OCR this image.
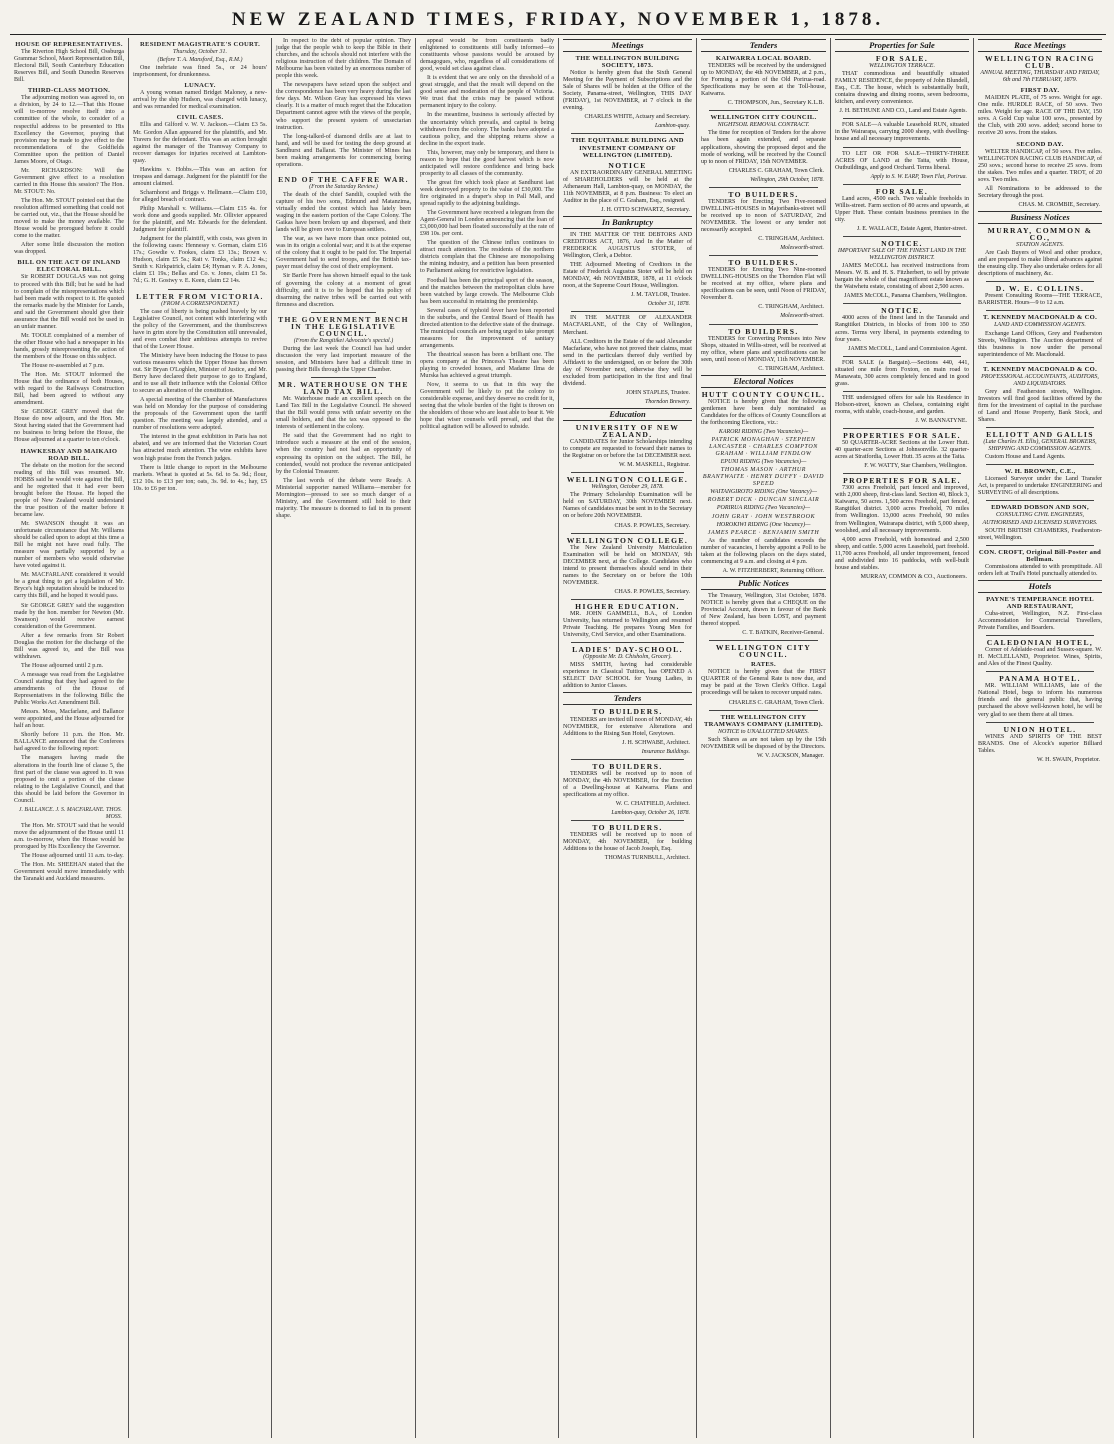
NEW ZEALAND TIMES, FRIDAY, NOVEMBER 1, 1878.
HOUSE OF REPRESENTATIVES.
The Riverton High School Bill, Ossburga Grammar School, Maori Representation Bill, Electoral Bill, South Canterbury Education Reserves Bill, and South Dunedin Reserves Bill.
THIRD-CLASS MOTION.
The adjourning motion was agreed to, on a division, by 24 to 12.—That this House will to-morrow resolve itself into a committee of the whole, to consider of a respectful address to be presented to His Excellency the Governor, praying that provision may be made to give effect to the recommendations of the Goldfields Committee upon the petition of Daniel James Moore, of Otago.
Mr. RICHARDSON: Will the Government give effect to a resolution carried in this House this session? The Hon. Mr. STOUT: No.
The Hon. Mr. STOUT pointed out that the resolution affirmed something that could not be carried out, viz., that the House should be moved to make the money available. The House would be prorogued before it could come to the matter.
After some little discussion the motion was dropped.
BILL ON THE ACT OF INLAND ELECTORAL BILL.
Sir ROBERT DOUGLAS was not going to proceed with this Bill; but he said he had to complain of the misrepresentations which had been made with respect to it. He quoted the remarks made by the Minister for Lands, and said the Government should give their assurance that the Bill would not be used in an unfair manner.
Mr. TOOLE complained of a member of the other House who had a newspaper in his hands, grossly misrepresenting the action of the members of the House on this subject.
The House re-assembled at 7 p.m.
The Hon. Mr. STOUT informed the House that the ordinance of both Houses, with regard to the Railways Construction Bill, had been agreed to without any amendment.
Sir GEORGE GREY moved that the House do now adjourn, and the Hon. Mr. Stout having stated that the Government had no business to bring before the House, the House adjourned at a quarter to ten o'clock.
HAWKESBAY AND MAIKAIO ROAD BILL.
The debate on the motion for the second reading of this Bill was resumed. Mr. HOBBS said he would vote against the Bill, and he regretted that it had ever been brought before the House. He hoped the people of New Zealand would understand the true position of the matter before it became law.
Mr. SWANSON thought it was an unfortunate circumstance that Mr. Williams should be called upon to adopt at this time a Bill he might not have read fully. The measure was partially supported by a number of members who would otherwise have voted against it.
Mr. MACFARLANE considered it would be a great thing to get a legislation of Mr. Bryce's high reputation should be induced to carry this Bill, and he hoped it would pass.
Sir GEORGE GREY said the suggestion made by the hon. member for Newton (Mr. Swanson) would receive earnest consideration of the Government.
After a few remarks from Sir Robert Douglas the motion for the discharge of the Bill was agreed to, and the Bill was withdrawn.
The House adjourned until 2 p.m.
A message was read from the Legislative Council stating that they had agreed to the amendments of the House of Representatives in the following Bills: the Public Works Act Amendment Bill.
Messrs. Moss, Macfarlane, and Ballance were appointed, and the House adjourned for half an hour.
Shortly before 11 p.m. the Hon. Mr. BALLANCE announced that the Conferees had agreed to the following report:
The managers having made the alterations in the fourth line of clause 5, the first part of the clause was agreed to. It was proposed to omit a portion of the clause relating to the Legislative Council, and that this should be laid before the Governor in Council.
J. BALLANCE. J. S. MACFARLANE. THOS. MOSS.
The Hon. Mr. STOUT said that he would move the adjournment of the House until 11 a.m. to-morrow, when the House would be prorogued by His Excellency the Governor.
The House adjourned until 11 a.m. to-day.
The Hon. Mr. SHEEHAN stated that the Government would move immediately with the Taranaki and Auckland measures.
RESIDENT MAGISTRATE'S COURT.
Thursday, October 31.
(Before T. A. Mansford, Esq., R.M.)
One inebriate was fined 5s., or 24 hours' imprisonment, for drunkenness.
LUNACY.
A young woman named Bridget Maloney, a new-arrival by the ship Hudson, was charged with lunacy, and was remanded for medical examination.
CIVIL CASES.
Ellis and Gilford v. W. V. Jackson.—Claim £3 5s. Mr. Gordon Allan appeared for the plaintiffs, and Mr. Travers for the defendant. This was an action brought against the manager of the Tramway Company to recover damages for injuries received at Lambton-quay.
Hawkins v. Hobbs.—This was an action for trespass and damage. Judgment for the plaintiff for the amount claimed.
Scharnhorst and Briggs v. Hellmann.—Claim £10, for alleged breach of contract.
Philip Marshall v. Williams.—Claim £15 4s. for work done and goods supplied. Mr. Ollivier appeared for the plaintiff, and Mr. Edwards for the defendant. Judgment for plaintiff.
Judgment for the plaintiff, with costs, was given in the following cases: Hennessy v. Gorman, claim £16 17s.; Gowdie v. Fookes, claim £3 13s.; Brown v. Hudson, claim £5 5s.; Rait v. Tonks, claim £12 4s.; Smith v. Kirkpatrick, claim £4; Hyman v. P. A. Jones, claim £1 19s.; Bellas and Co. v. Jones, claim £1 5s. 7d.; G. H. Gostwy v. E. Keen, claim £2 14s.
LETTER FROM VICTORIA.
(FROM A CORRESPONDENT.)
The case of liberty is being pushed bravely by our Legislative Council, not content with interfering with the policy of the Government, and the thumbscrews have in grim store by the Constitution still unrevealed, and even combat their ambitious attempts to revive that of the Lower House.
The Ministry have been inducing the House to pass various measures which the Upper House has thrown out. Sir Bryan O'Loghlen, Minister of Justice, and Mr. Berry have declared their purpose to go to England, and to use all their influence with the Colonial Office to secure an alteration of the constitution.
A special meeting of the Chamber of Manufactures was held on Monday for the purpose of considering the proposals of the Government upon the tariff question. The meeting was largely attended, and a number of resolutions were adopted.
The interest in the great exhibition in Paris has not abated, and we are informed that the Victorian Court has attracted much attention. The wine exhibits have won high praise from the French judges.
There is little change to report in the Melbourne markets. Wheat is quoted at 5s. 6d. to 5s. 9d.; flour, £12 10s. to £13 per ton; oats, 3s. 9d. to 4s.; hay, £5 10s. to £6 per ton.
In respect to the debt of popular opinion. They judge that the people wish to keep the Bible in their churches, and the schools should not interfere with the religious instruction of their children. The Domain of Melbourne has been visited by an enormous number of people this week.
The newspapers have seized upon the subject and the correspondence has been very heavy during the last few days. Mr. Wilson Gray has expressed his views clearly. It is a matter of much regret that the Education Department cannot agree with the views of the people, who support the present system of unsectarian instruction.
The long-talked-of diamond drills are at last to hand, and will be used for testing the deep ground at Sandhurst and Ballarat. The Minister of Mines has been making arrangements for commencing boring operations.
END OF THE CAFFRE WAR.
(From the Saturday Review.)
The death of the chief Sandili, coupled with the capture of his two sons, Edmund and Matanzima, virtually ended the contest which has lately been waging in the eastern portion of the Cape Colony. The Gaikas have been broken up and dispersed, and their lands will be given over to European settlers.
The war, as we have more than once pointed out, was in its origin a colonial war; and it is at the expense of the colony that it ought to be paid for. The Imperial Government had to send troops, and the British tax-payer must defray the cost of their employment.
Sir Bartle Frere has shown himself equal to the task of governing the colony at a moment of great difficulty, and it is to be hoped that his policy of disarming the native tribes will be carried out with firmness and discretion.
THE GOVERNMENT BENCH IN THE LEGISLATIVE COUNCIL.
(From the Rangitikei Advocate's special.)
During the last week the Council has had under discussion the very last important measure of the session, and Ministers have had a difficult time in passing their Bills through the Upper Chamber.
MR. WATERHOUSE ON THE LAND TAX BILL.
Mr. Waterhouse made an excellent speech on the Land Tax Bill in the Legislative Council. He showed that the Bill would press with unfair severity on the small holders, and that the tax was opposed to the interests of settlement in the colony.
He said that the Government had no right to introduce such a measure at the end of the session, when the country had not had an opportunity of expressing its opinion on the subject. The Bill, he contended, would not produce the revenue anticipated by the Colonial Treasurer.
The last words of the debate were Ready. A Ministerial supporter named Williams—member for Mornington—pressed to see so much danger of a Ministry, and the Government still hold to their majority. The measure is doomed to fail in its present shape.
appeal would be from constituents badly enlightened to constituents still badly informed—to constituents whose passions would be aroused by demagogues, who, regardless of all considerations of good, would set class against class.
It is evident that we are only on the threshold of a great struggle, and that the result will depend on the good sense and moderation of the people of Victoria. We trust that the crisis may be passed without permanent injury to the colony.
In the meantime, business is seriously affected by the uncertainty which prevails, and capital is being withdrawn from the colony. The banks have adopted a cautious policy, and the shipping returns show a decline in the export trade.
This, however, may only be temporary, and there is reason to hope that the good harvest which is now anticipated will restore confidence and bring back prosperity to all classes of the community.
The great fire which took place at Sandhurst last week destroyed property to the value of £30,000. The fire originated in a draper's shop in Pall Mall, and spread rapidly to the adjoining buildings.
The Government have received a telegram from the Agent-General in London announcing that the loan of £3,000,000 had been floated successfully at the rate of £98 10s. per cent.
The question of the Chinese influx continues to attract much attention. The residents of the northern districts complain that the Chinese are monopolising the mining industry, and a petition has been presented to Parliament asking for restrictive legislation.
Football has been the principal sport of the season, and the matches between the metropolitan clubs have been watched by large crowds. The Melbourne Club has been successful in retaining the premiership.
Several cases of typhoid fever have been reported in the suburbs, and the Central Board of Health has directed attention to the defective state of the drainage. The municipal councils are being urged to take prompt measures for the improvement of sanitary arrangements.
The theatrical season has been a brilliant one. The opera company at the Princess's Theatre has been playing to crowded houses, and Madame Ilma de Murska has achieved a great triumph.
Now, it seems to us that in this way the Government will be likely to put the colony to considerable expense, and they deserve no credit for it, seeing that the whole burden of the fight is thrown on the shoulders of those who are least able to bear it. We hope that wiser counsels will prevail, and that the political agitation will be allowed to subside.
Meetings
THE WELLINGTON BUILDING SOCIETY, 1873.
Notice is hereby given that the Sixth General Meeting for the Payment of Subscriptions and the Sale of Shares will be holden at the Office of the Society, Panama-street, Wellington, THIS DAY (FRIDAY), 1st NOVEMBER, at 7 o'clock in the evening.
CHARLES WHITE, Actuary and Secretary.
Lambton-quay.
THE EQUITABLE BUILDING AND INVESTMENT COMPANY OF WELLINGTON (LIMITED).
NOTICE
AN EXTRAORDINARY GENERAL MEETING of SHAREHOLDERS will be held at the Athenaeum Hall, Lambton-quay, on MONDAY, the 11th NOVEMBER, at 8 p.m. Business: To elect an Auditor in the place of C. Graham, Esq., resigned.
J. H. OTTO SCHWARTZ, Secretary.
In Bankruptcy
IN THE MATTER OF THE DEBTORS AND CREDITORS ACT, 1876, And In the Matter of FREDERICK AUGUSTUS STOTER, of Wellington, Clerk, a Debtor.
THE Adjourned Meeting of Creditors in the Estate of Frederick Augustus Stoter will be held on MONDAY, 4th NOVEMBER, 1878, at 11 o'clock noon, at the Supreme Court House, Wellington.
J. M. TAYLOR, Trustee.
October 31, 1878.
IN THE MATTER OF ALEXANDER MACFARLANE, of the City of Wellington, Merchant.
ALL Creditors in the Estate of the said Alexander Macfarlane, who have not proved their claims, must send in the particulars thereof duly verified by Affidavit to the undersigned, on or before the 30th day of November next, otherwise they will be excluded from participation in the first and final dividend.
JOHN STAPLES, Trustee.
Thorndon Brewery.
Education
UNIVERSITY OF NEW ZEALAND.
CANDIDATES for Junior Scholarships intending to compete are requested to forward their names to the Registrar on or before the 1st DECEMBER next.
W. M. MASKELL, Registrar.
WELLINGTON COLLEGE.
Wellington, October 29, 1878.
The Primary Scholarship Examination will be held on SATURDAY, 30th NOVEMBER next. Names of candidates must be sent in to the Secretary on or before 20th NOVEMBER.
CHAS. P. POWLES, Secretary.
WELLINGTON COLLEGE.
The New Zealand University Matriculation Examination will be held on MONDAY, 9th DECEMBER next, at the College. Candidates who intend to present themselves should send in their names to the Secretary on or before the 10th NOVEMBER.
CHAS. P. POWLES, Secretary.
HIGHER EDUCATION.
MR. JOHN GAMMELL, B.A., of London University, has returned to Wellington and resumed Private Teaching. He prepares Young Men for University, Civil Service, and other Examinations.
LADIES' DAY-SCHOOL.
(Opposite Mr. D. Chisholm, Grocer).
MISS SMITH, having had considerable experience in Classical Tuition, has OPENED A SELECT DAY SCHOOL for Young Ladies, in addition to Junior Classes.
Tenders
TO BUILDERS.
TENDERS are invited till noon of MONDAY, 4th NOVEMBER, for extensive Alterations and Additions to the Rising Sun Hotel, Greytown.
J. H. SCHWABE, Architect.
Insurance Buildings.
TO BUILDERS.
TENDERS will be received up to noon of MONDAY, the 4th NOVEMBER, for the Erection of a Dwelling-house at Kaiwarra. Plans and specifications at my office.
W. C. CHATFIELD, Architect.
Lambton-quay, October 26, 1878.
TO BUILDERS.
TENDERS will be received up to noon of MONDAY, 4th NOVEMBER, for building Additions to the house of Jacob Joseph, Esq.
THOMAS TURNBULL, Architect.
Tenders
KAIWARRA LOCAL BOARD.
TENDERS will be received by the undersigned up to MONDAY, the 4th NOVEMBER, at 2 p.m., for Forming a portion of the Old Porirua-road. Specifications may be seen at the Toll-house, Kaiwarra.
C. THOMPSON, Jun., Secretary K.L.B.
WELLINGTON CITY COUNCIL.
NIGHTSOIL REMOVAL CONTRACT.
The time for reception of Tenders for the above has been again extended, and separate applications, showing the proposed depot and the mode of working, will be received by the Council up to noon of FRIDAY, 15th NOVEMBER.
CHARLES C. GRAHAM, Town Clerk.
Wellington, 29th October, 1878.
TO BUILDERS.
TENDERS for Erecting Two Five-roomed DWELLING-HOUSES in Majoribanks-street will be received up to noon of SATURDAY, 2nd NOVEMBER. The lowest or any tender not necessarily accepted.
C. TRINGHAM, Architect.
Molesworth-street.
TO BUILDERS.
TENDERS for Erecting Two Nine-roomed DWELLING-HOUSES on the Thorndon Flat will be received at my office, where plans and specifications can be seen, until Noon of FRIDAY, November 8.
C. TRINGHAM, Architect.
Molesworth-street.
TO BUILDERS.
TENDERS for Converting Premises into New Shops, situated in Willis-street, will be received at my office, where plans and specifications can be seen, until noon of MONDAY, 11th NOVEMBER.
C. TRINGHAM, Architect.
Electoral Notices
HUTT COUNTY COUNCIL.
NOTICE is hereby given that the following gentlemen have been duly nominated as Candidates for the offices of County Councillors at the forthcoming Elections, viz.:
KARORI RIDING (Two Vacancies)—
PATRICK MONAGHAN · STEPHEN LANCASTER · CHARLES COMPTON GRAHAM · WILLIAM FINDLOW
EPUNI RIDING (Two Vacancies)—
THOMAS MASON · ARTHUR BRANTWAITE · HENRY DUFFY · DAVID SPEED
WAITANGIROTO RIDING (One Vacancy)—
ROBERT DICK · DUNCAN SINCLAIR
PORIRUA RIDING (Two Vacancies)—
JOHN GRAY · JOHN WESTBROOK
HOROKIWI RIDING (One Vacancy)—
JAMES PEARCE · BENJAMIN SMITH
As the number of candidates exceeds the number of vacancies, I hereby appoint a Poll to be taken at the following places on the days stated, commencing at 9 a.m. and closing at 4 p.m.
A. W. FITZHERBERT, Returning Officer.
Public Notices
The Treasury, Wellington, 31st October, 1878. NOTICE is hereby given that a CHEQUE on the Provincial Account, drawn in favour of the Bank of New Zealand, has been LOST, and payment thereof stopped.
C. T. BATKIN, Receiver-General.
WELLINGTON CITY COUNCIL.
RATES.
NOTICE is hereby given that the FIRST QUARTER of the General Rate is now due, and may be paid at the Town Clerk's Office. Legal proceedings will be taken to recover unpaid rates.
CHARLES C. GRAHAM, Town Clerk.
THE WELLINGTON CITY TRAMWAYS COMPANY (LIMITED).
NOTICE to UNALLOTTED SHARES.
Such Shares as are not taken up by the 15th NOVEMBER will be disposed of by the Directors.
W. V. JACKSON, Manager.
Properties for Sale
FOR SALE.
WELLINGTON TERRACE.
THAT commodious and beautifully situated FAMILY RESIDENCE, the property of John Blundell, Esq., C.E. The house, which is substantially built, contains drawing and dining rooms, seven bedrooms, kitchen, and every convenience.
J. H. BETHUNE AND CO., Land and Estate Agents.
FOR SALE—A valuable Leasehold RUN, situated in the Wairarapa, carrying 2000 sheep, with dwelling-house and all necessary improvements.
TO LET OR FOR SALE—THIRTY-THREE ACRES OF LAND at the Taita, with House, Outbuildings, and good Orchard. Terms liberal.
Apply to S. W. EARP, Town Flat, Porirua.
FOR SALE.
Land acres, 4500 each. Two valuable freeholds in Willis-street. Farm section of 80 acres and upwards, at Upper Hutt. These contain business premises in the city.
J. E. WALLACE, Estate Agent, Hunter-street.
NOTICE.
IMPORTANT SALE OF THE FINEST LAND IN THE WELLINGTON DISTRICT.
JAMES McCOLL has received instructions from Messrs. W. B. and H. S. Fitzherbert, to sell by private bargain the whole of that magnificent estate known as the Waiwhetu estate, consisting of about 2,500 acres.
JAMES McCOLL, Panama Chambers, Wellington.
NOTICE.
4000 acres of the finest land in the Taranaki and Rangitikei Districts, in blocks of from 100 to 350 acres. Terms very liberal, in payments extending to four years.
JAMES McCOLL, Land and Commission Agent.
FOR SALE (a Bargain).—Sections 440, 441, situated one mile from Foxton, on main road to Manawatu, 300 acres completely fenced and in good grass.
THE undersigned offers for sale his Residence in Hobson-street, known as Chelsea, containing eight rooms, with stable, coach-house, and garden.
J. W. BANNATYNE.
PROPERTIES FOR SALE.
50 QUARTER-ACRE Sections at the Lower Hutt. 40 quarter-acre Sections at Johnsonville. 32 quarter-acres at Stratfordia, Lower Hutt. 35 acres at the Taita.
F. W. WATTY, Star Chambers, Wellington.
PROPERTIES FOR SALE.
7300 acres Freehold, part fenced and improved, with 2,000 sheep, first-class land. Section 40, Block 3, Kaiwarra, 50 acres. 1,500 acres Freehold, part fenced, Rangitikei district. 3,000 acres Freehold, 70 miles from Wellington. 13,000 acres Freehold, 90 miles from Wellington, Wairarapa district, with 5,000 sheep, woolshed, and all necessary improvements.
4,000 acres Freehold, with homestead and 2,500 sheep, and cattle. 5,000 acres Leasehold, part freehold. 11,700 acres Freehold, all under improvement, fenced and subdivided into 16 paddocks, with well-built house and stables.
MURRAY, COMMON & CO., Auctioneers.
Race Meetings
WELLINGTON RACING CLUB.
ANNUAL MEETING, THURSDAY AND FRIDAY, 6th and 7th FEBRUARY, 1879.
FIRST DAY.
MAIDEN PLATE, of 75 sovs. Weight for age. One mile. HURDLE RACE, of 50 sovs. Two miles. Weight for age. RACE OF THE DAY, 150 sovs. A Gold Cup value 100 sovs., presented by the Club, with 200 sovs. added; second horse to receive 20 sovs. from the stakes.
SECOND DAY.
WELTER HANDICAP, of 50 sovs. Five miles. WELLINGTON RACING CLUB HANDICAP, of 250 sovs.; second horse to receive 25 sovs. from the stakes. Two miles and a quarter. TROT, of 20 sovs. Two miles.
All Nominations to be addressed to the Secretary through the post.
CHAS. M. CROMBIE, Secretary.
Business Notices
MURRAY, COMMON & CO.,
STATION AGENTS.
Are Cash Buyers of Wool and other produce, and are prepared to make liberal advances against the ensuing clip. They also undertake orders for all descriptions of machinery, &c.
D. W. E. COLLINS.
Present Consulting Rooms—THE TERRACE, BARRISTER. Hours—9 to 12 a.m.
T. KENNEDY MACDONALD & CO.
LAND AND COMMISSION AGENTS.
Exchange Land Offices, Grey and Featherston Streets, Wellington. The Auction department of this business is now under the personal superintendence of Mr. Macdonald.
T. KENNEDY MACDONALD & CO.
PROFESSIONAL ACCOUNTANTS, AUDITORS, AND LIQUIDATORS.
Grey and Featherston streets, Wellington. Investors will find good facilities offered by the firm for the investment of capital in the purchase of Land and House Property, Bank Stock, and Shares.
ELLIOTT AND GALLIS
(Late Charles H. Ellis), GENERAL BROKERS, SHIPPING AND COMMISSION AGENTS.
Custom House and Land Agents.
W. H. BROWNE, C.E.,
Licensed Surveyor under the Land Transfer Act, is prepared to undertake ENGINEERING and SURVEYING of all descriptions.
EDWARD DOBSON AND SON,
CONSULTING CIVIL ENGINEERS, AUTHORISED AND LICENSED SURVEYORS.
SOUTH BRITISH CHAMBERS, Featherston-street, Wellington.
CON. CROFT, Original Bill-Poster and Bellman.
Commissions attended to with promptitude. All orders left at Trail's Hotel punctually attended to.
Hotels
PAYNE'S TEMPERANCE HOTEL AND RESTAURANT,
Cuba-street, Wellington, N.Z. First-class Accommodation for Commercial Travellers, Private Families, and Boarders.
CALEDONIAN HOTEL,
Corner of Adelaide-road and Sussex-square. W. H. McCLELLAND, Proprietor. Wines, Spirits, and Ales of the Finest Quality.
PANAMA HOTEL.
MR. WILLIAM WILLIAMS, late of the National Hotel, begs to inform his numerous friends and the general public that, having purchased the above well-known hotel, he will be very glad to see them there at all times.
UNION HOTEL.
WINES AND SPIRITS OF THE BEST BRANDS. One of Alcock's superior Billiard Tables.
W. H. SWAIN, Proprietor.
